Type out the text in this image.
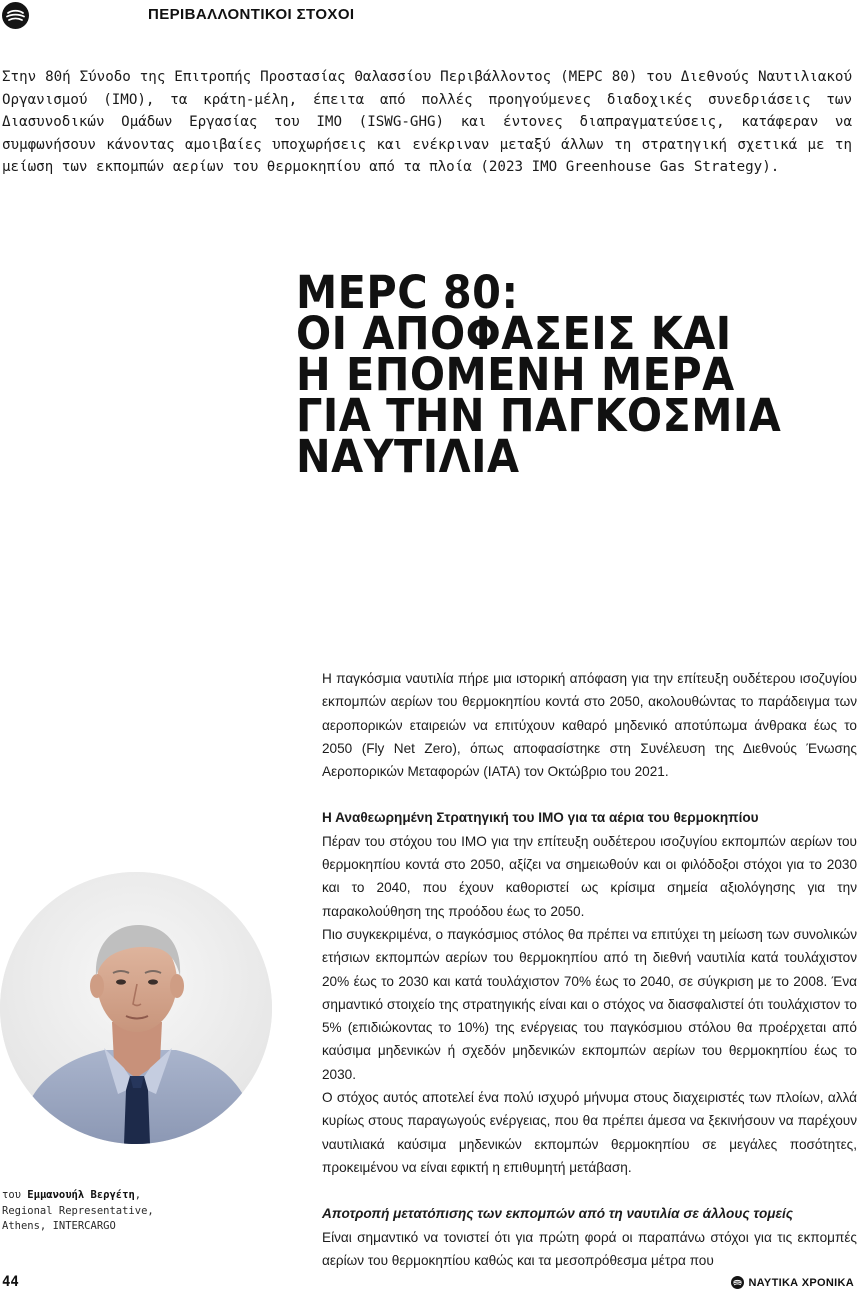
ΠΕΡΙΒΑΛΛΟΝΤΙΚΟΙ ΣΤΟΧΟΙ
Στην 80ή Σύνοδο της Επιτροπής Προστασίας Θαλασσίου Περιβάλλοντος (MEPC 80) του Διεθνούς Ναυτιλιακού Οργανισμού (IMO), τα κράτη-μέλη, έπειτα από πολλές προηγούμενες διαδοχικές συνεδριάσεις των Διασυνοδικών Ομάδων Εργασίας του IMO (ISWG-GHG) και έντονες διαπραγματεύσεις, κατάφεραν να συμφωνήσουν κάνοντας αμοιβαίες υποχωρήσεις και ενέκριναν μεταξύ άλλων τη στρατηγική σχετικά με τη μείωση των εκπομπών αερίων του θερμοκηπίου από τα πλοία (2023 IMO Greenhouse Gas Strategy).
MEPC 80:
ΟΙ ΑΠΟΦΑΣΕΙΣ ΚΑΙ
Η ΕΠΟΜΕΝΗ ΜΕΡΑ
ΓΙΑ ΤΗΝ ΠΑΓΚΟΣΜΙΑ
ΝΑΥΤΙΛΙΑ

Η παγκόσμια ναυτιλία πήρε μια ιστορική απόφαση για την επίτευξη ουδέτερου ισοζυγίου εκπομπών αερίων του θερμοκηπίου κοντά στο 2050, ακολουθώντας το παράδειγμα των αεροπορικών εταιρειών να επιτύχουν καθαρό μηδενικό αποτύπωμα άνθρακα έως το 2050 (Fly Net Zero), όπως αποφασίστηκε στη Συνέλευση της Διεθνούς Ένωσης Αεροπορικών Μεταφορών (IATA) τον Οκτώβριο του 2021.

Η Αναθεωρημένη Στρατηγική του ΙΜΟ για τα αέρια του θερμοκηπίου

Πέραν του στόχου του IMO για την επίτευξη ουδέτερου ισοζυγίου εκπομπών αερίων του θερμοκηπίου κοντά στο 2050, αξίζει να σημειωθούν και οι φιλόδοξοι στόχοι για το 2030 και το 2040, που έχουν καθοριστεί ως κρίσιμα σημεία αξιολόγησης για την παρακολούθηση της προόδου έως το 2050.

Πιο συγκεκριμένα, ο παγκόσμιος στόλος θα πρέπει να επιτύχει τη μείωση των συνολικών ετήσιων εκπομπών αερίων του θερμοκηπίου από τη διεθνή ναυτιλία κατά τουλάχιστον 20% έως το 2030 και κατά τουλάχιστον 70% έως το 2040, σε σύγκριση με το 2008. Ένα σημαντικό στοιχείο της στρατηγικής είναι και ο στόχος να διασφαλιστεί ότι τουλάχιστον το 5% (επιδιώκοντας το 10%) της ενέργειας του παγκόσμιου στόλου θα προέρχεται από καύσιμα μηδενικών ή σχεδόν μηδενικών εκπομπών αερίων του θερμοκηπίου έως το 2030.

Ο στόχος αυτός αποτελεί ένα πολύ ισχυρό μήνυμα στους διαχειριστές των πλοίων, αλλά κυρίως στους παραγωγούς ενέργειας, που θα πρέπει άμεσα να ξεκινήσουν να παρέχουν ναυτιλιακά καύσιμα μηδενικών εκπομπών θερμοκηπίου σε μεγάλες ποσότητες, προκειμένου να είναι εφικτή η επιθυμητή μετάβαση.

Αποτροπή μετατόπισης των εκπομπών από τη ναυτιλία σε άλλους τομείς

Είναι σημαντικό να τονιστεί ότι για πρώτη φορά οι παραπάνω στόχοι για τις εκπομπές αερίων του θερμοκηπίου καθώς και τα μεσοπρόθεσμα μέτρα που

του Εμμανουήλ Βεργέτη,
Regional Representative,
Athens, INTERCARGO
44	ΝΑΥΤΙΚΑ ΧΡΟΝΙΚΑ
